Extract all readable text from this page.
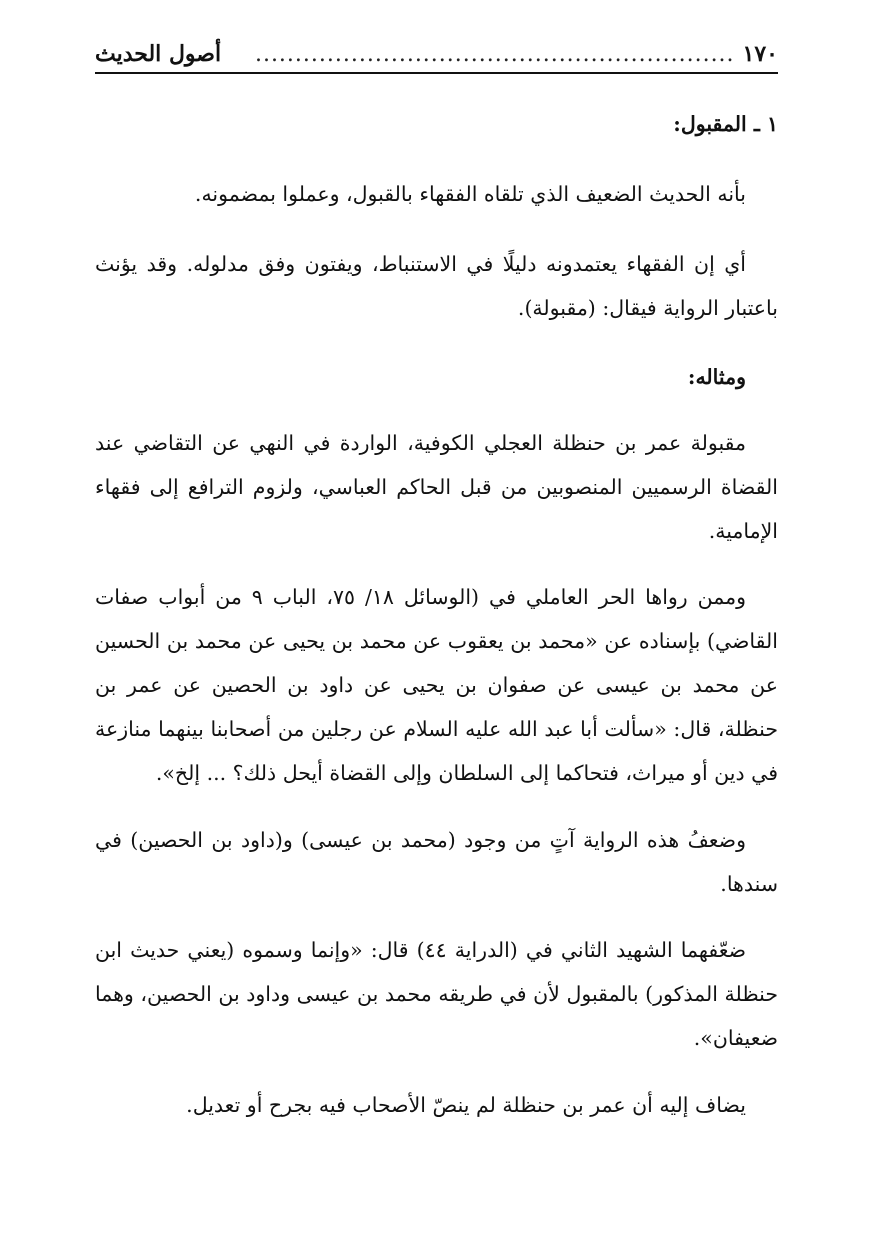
أصول الحديث	............................................................ ١٧٠
١ ـ المقبول:
بأنه الحديث الضعيف الذي تلقاه الفقهاء بالقبول، وعملوا بمضمونه.
أي إن الفقهاء يعتمدونه دليلًا في الاستنباط، ويفتون وفق مدلوله. وقد يؤنث باعتبار الرواية فيقال: (مقبولة).
ومثاله:
مقبولة عمر بن حنظلة العجلي الكوفية، الواردة في النهي عن التقاضي عند القضاة الرسميين المنصوبين من قبل الحاكم العباسي، ولزوم الترافع إلى فقهاء الإمامية.
وممن رواها الحر العاملي في (الوسائل ١٨/ ٧٥، الباب ٩ من أبواب صفات القاضي) بإسناده عن «محمد بن يعقوب عن محمد بن يحيى عن محمد بن الحسين عن محمد بن عيسى عن صفوان بن يحيى عن داود بن الحصين عن عمر بن حنظلة، قال: «سألت أبا عبد الله عليه السلام عن رجلين من أصحابنا بينهما منازعة في دين أو ميراث، فتحاكما إلى السلطان وإلى القضاة أيحل ذلك؟ ... إلخ».
وضعفُ هذه الرواية آتٍ من وجود (محمد بن عيسى) و(داود بن الحصين) في سندها.
ضعّفهما الشهيد الثاني في (الدراية ٤٤) قال: «وإنما وسموه (يعني حديث ابن حنظلة المذكور) بالمقبول لأن في طريقه محمد بن عيسى وداود بن الحصين، وهما ضعيفان».
يضاف إليه أن عمر بن حنظلة لم ينصّ الأصحاب فيه بجرح أو تعديل.
